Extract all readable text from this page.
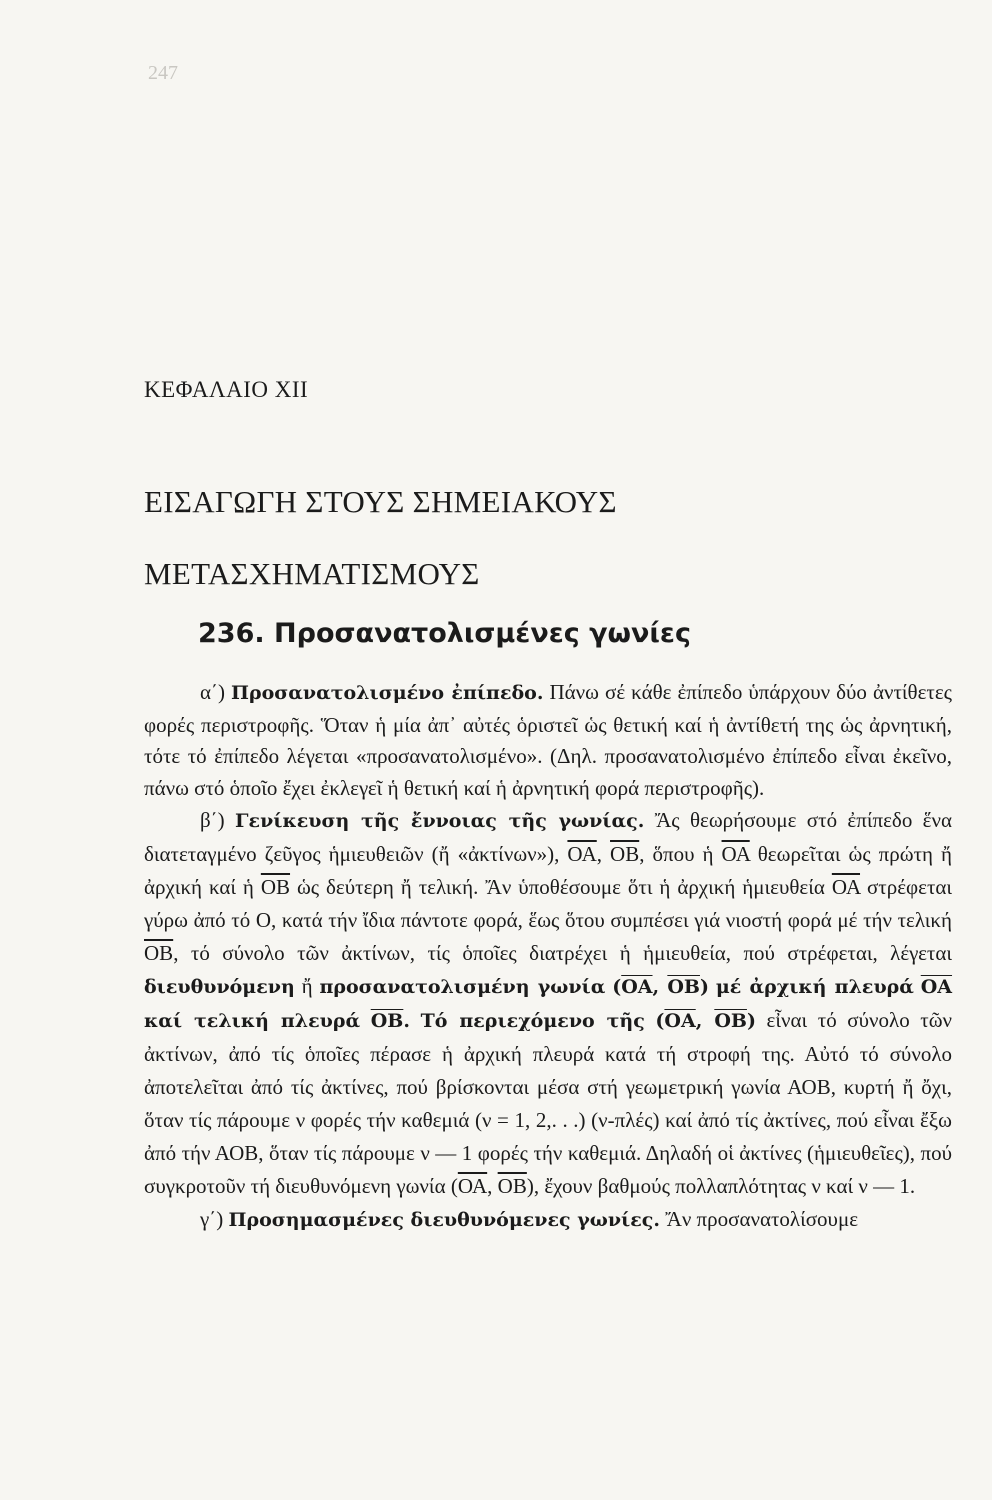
247
ΚΕΦΑΛΑΙΟ XII
ΕΙΣΑΓΩΓΗ ΣΤΟΥΣ ΣΗΜΕΙΑΚΟΥΣ
ΜΕΤΑΣΧΗΜΑΤΙΣΜΟΥΣ
236. Προσανατολισμένες γωνίες

α΄) Προσανατολισμένο ἐπίπεδο. Πάνω σέ κάθε ἐπίπεδο ὑπάρχουν δύο ἀντίθετες φορές περιστροφῆς. Ὅταν ἡ μία ἀπ᾽ αὐτές ὁριστεῖ ὡς θετική καί ἡ ἀντίθετή της ὡς ἀρνητική, τότε τό ἐπίπεδο λέγεται «προσανατολισμένο». (Δηλ. προσανατολισμένο ἐπίπεδο εἶναι ἐκεῖνο, πάνω στό ὁποῖο ἔχει ἐκλεγεῖ ἡ θετική καί ἡ ἀρνητική φορά περιστροφῆς).

β΄) Γενίκευση τῆς ἔννοιας τῆς γωνίας. Ἄς θεωρήσουμε στό ἐπίπεδο ἕνα διατεταγμένο ζεῦγος ἡμιευθειῶν (ἤ «ἀκτίνων»), $\overline{OA}$, $\overline{OB}$, ὅπου ἡ $\overline{OA}$ θεωρεῖται ὡς πρώτη ἤ ἀρχική καί ἡ $\overline{OB}$ ὡς δεύτερη ἤ τελική. Ἄν ὑποθέσουμε ὅτι ἡ ἀρχική ἡμιευθεία $\overline{OA}$ στρέφεται γύρω ἀπό τό Ο, κατά τήν ἴδια πάντοτε φορά, ἕως ὅτου συμπέσει γιά νιοστή φορά μέ τήν τελική $\overline{OB}$, τό σύνολο τῶν ἀκτίνων, τίς ὁποῖες διατρέχει ἡ ἡμιευθεία, πού στρέφεται, λέγεται διευθυνόμενη ἤ προσανατολισμένη γωνία ($\overline{OA}$, $\overline{OB}$) μέ ἀρχική πλευρά $\overline{OA}$ καί τελική πλευρά $\overline{OB}$. Τό περιεχόμενο τῆς ($\overline{OA}$, $\overline{OB}$) εἶναι τό σύνολο τῶν ἀκτίνων, ἀπό τίς ὁποῖες πέρασε ἡ ἀρχική πλευρά κατά τή στροφή της. Αὐτό τό σύνολο ἀποτελεῖται ἀπό τίς ἀκτίνες, πού βρίσκονται μέσα στή γεωμετρική γωνία ΑΟΒ, κυρτή ἤ ὄχι, ὅταν τίς πάρουμε ν φορές τήν καθεμιά (ν = 1, 2,. . .) (ν-πλές) καί ἀπό τίς ἀκτίνες, πού εἶναι ἔξω ἀπό τήν ΑΟΒ, ὅταν τίς πάρουμε ν — 1 φορές τήν καθεμιά. Δηλαδή οἱ ἀκτίνες (ἡμιευθεῖες), πού συγκροτοῦν τή διευθυνόμενη γωνία ($\overline{OA}$, $\overline{OB}$), ἔχουν βαθμούς πολλαπλότητας ν καί ν — 1.

γ΄) Προσημασμένες διευθυνόμενες γωνίες. Ἄν προσανατολίσουμε
